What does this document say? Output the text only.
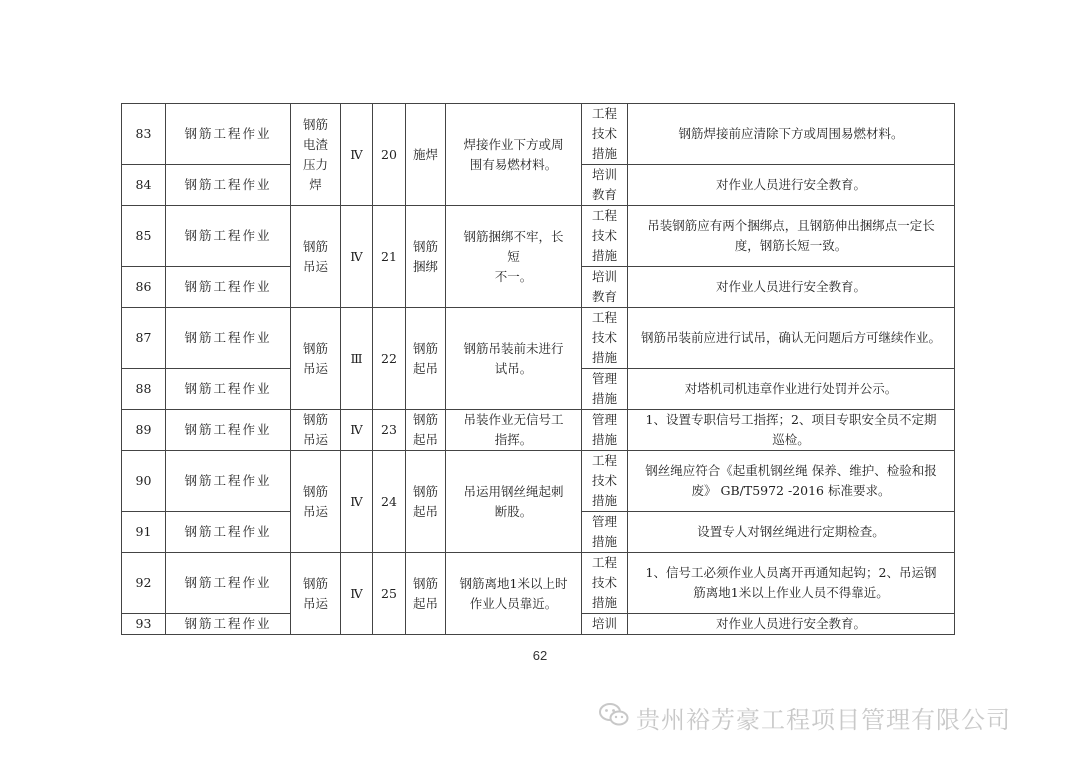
83	钢筋工程作业	钢筋
电渣
压力
焊	Ⅳ	20	施焊	焊接作业下方或周
围有易燃材料。	工程
技术
措施	钢筋焊接前应清除下方或周围易燃材料。
84	钢筋工程作业						培训
教育	对作业人员进行安全教育。
85	钢筋工程作业	钢筋
吊运	Ⅳ	21	钢筋
捆绑	钢筋捆绑不牢，长短
不一。	工程
技术
措施	吊装钢筋应有两个捆绑点，且钢筋伸出捆绑点一定长
度，钢筋长短一致。
86	钢筋工程作业						培训
教育	对作业人员进行安全教育。
87	钢筋工程作业	钢筋
吊运	Ⅲ	22	钢筋
起吊	钢筋吊装前未进行
试吊。	工程
技术
措施	钢筋吊装前应进行试吊，确认无问题后方可继续作业。
88	钢筋工程作业						管理
措施	对塔机司机违章作业进行处罚并公示。
89	钢筋工程作业	钢筋
吊运	Ⅳ	23	钢筋
起吊	吊装作业无信号工
指挥。	管理
措施	1、设置专职信号工指挥；2、项目专职安全员不定期
巡检。
90	钢筋工程作业	钢筋
吊运	Ⅳ	24	钢筋
起吊	吊运用钢丝绳起刺
断股。	工程
技术
措施	钢丝绳应符合《起重机钢丝绳 保养、维护、检验和报
废》 GB/T5972 -2016 标准要求。
91	钢筋工程作业						管理
措施	设置专人对钢丝绳进行定期检查。
92	钢筋工程作业	钢筋
吊运	Ⅳ	25	钢筋
起吊	钢筋离地1米以上时
作业人员靠近。	工程
技术
措施	1、信号工必须作业人员离开再通知起钩；2、吊运钢
筋离地1米以上作业人员不得靠近。
93	钢筋工程作业						培训	对作业人员进行安全教育。
62
贵州裕芳豪工程项目管理有限公司
